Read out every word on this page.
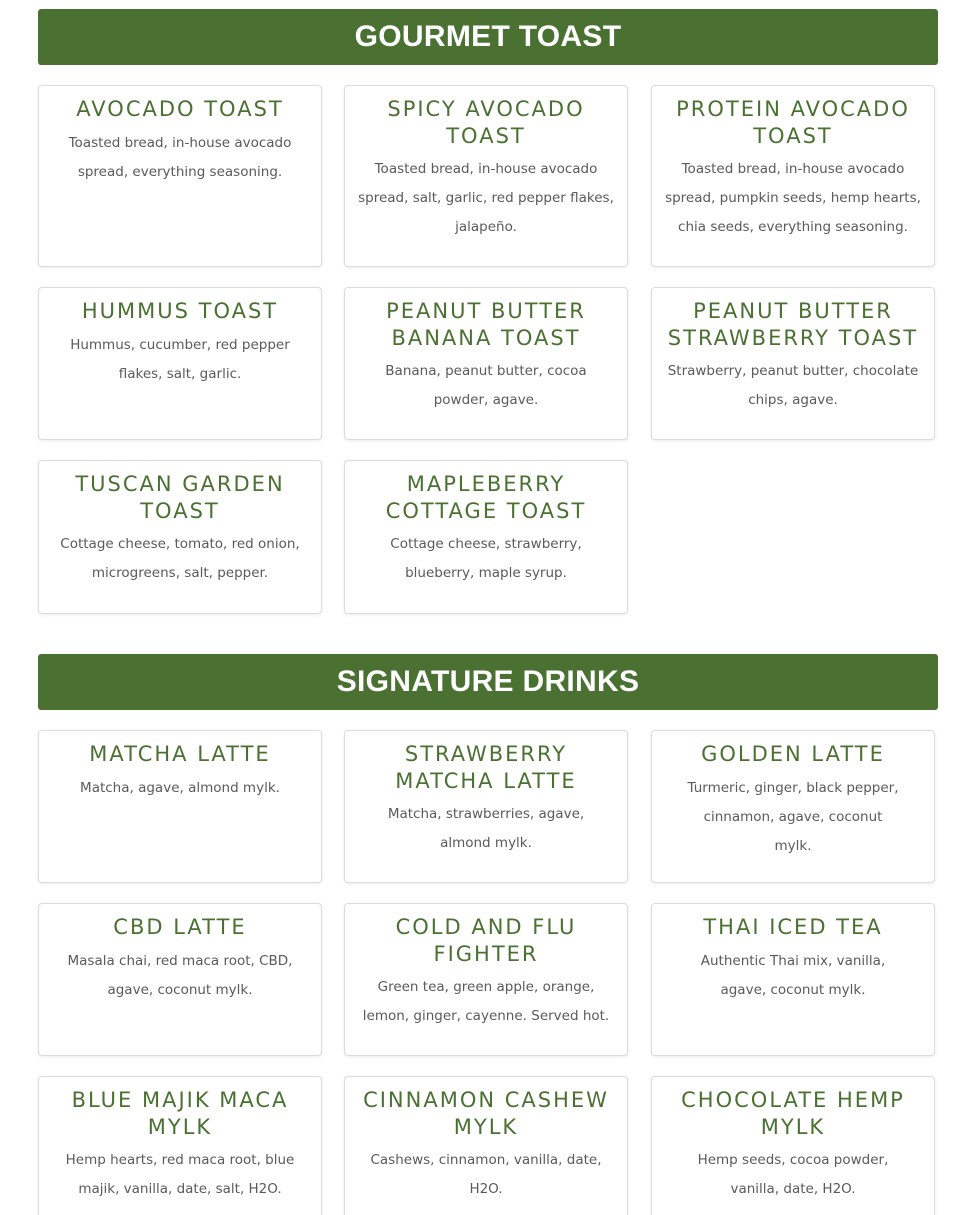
GOURMET TOAST
AVOCADO TOAST
Toasted bread, in-house avocado spread, everything seasoning.
SPICY AVOCADO TOAST
Toasted bread, in-house avocado spread, salt, garlic, red pepper flakes, jalapeño.
PROTEIN AVOCADO TOAST
Toasted bread, in-house avocado spread, pumpkin seeds, hemp hearts, chia seeds, everything seasoning.
HUMMUS TOAST
Hummus, cucumber, red pepper flakes, salt, garlic.
PEANUT BUTTER BANANA TOAST
Banana, peanut butter, cocoa powder, agave.
PEANUT BUTTER STRAWBERRY TOAST
Strawberry, peanut butter, chocolate chips, agave.
TUSCAN GARDEN TOAST
Cottage cheese, tomato, red onion, microgreens, salt, pepper.
MAPLEBERRY COTTAGE TOAST
Cottage cheese, strawberry, blueberry, maple syrup.
SIGNATURE DRINKS
MATCHA LATTE
Matcha, agave, almond mylk.
STRAWBERRY MATCHA LATTE
Matcha, strawberries, agave, almond mylk.
GOLDEN LATTE
Turmeric, ginger, black pepper, cinnamon, agave, coconut mylk.
CBD LATTE
Masala chai, red maca root, CBD, agave, coconut mylk.
COLD AND FLU FIGHTER
Green tea, green apple, orange, lemon, ginger, cayenne. Served hot.
THAI ICED TEA
Authentic Thai mix, vanilla, agave, coconut mylk.
BLUE MAJIK MACA MYLK
Hemp hearts, red maca root, blue majik, vanilla, date, salt, H2O.
CINNAMON CASHEW MYLK
Cashews, cinnamon, vanilla, date, H2O.
CHOCOLATE HEMP MYLK
Hemp seeds, cocoa powder, vanilla, date, H2O.
